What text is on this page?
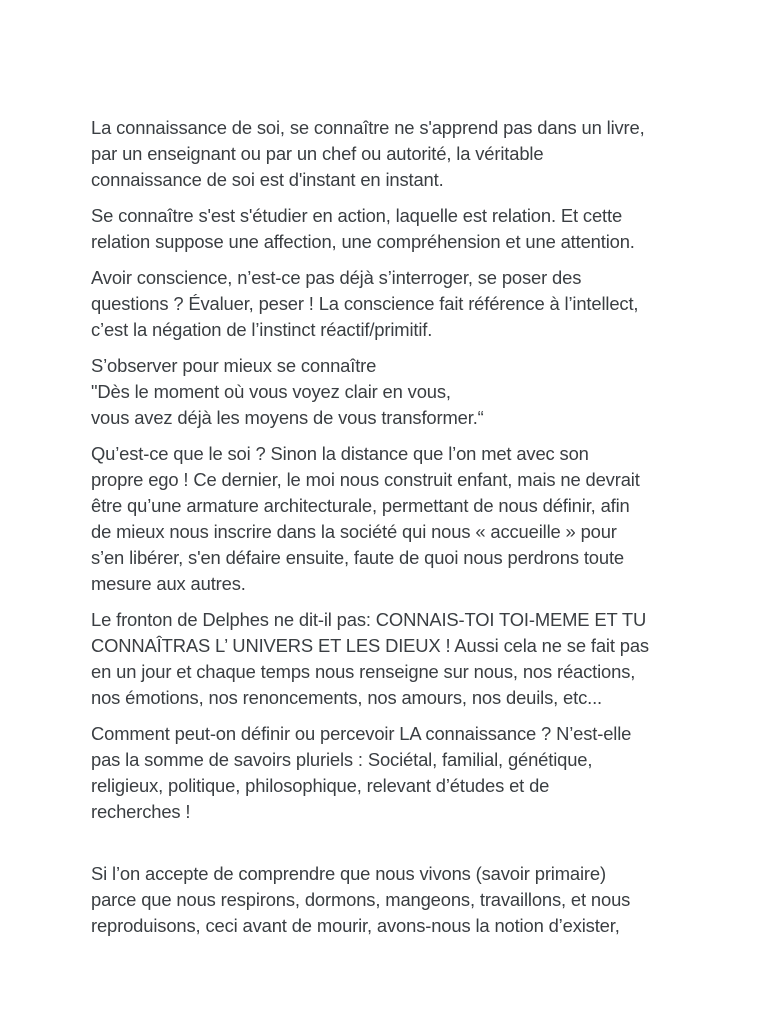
La connaissance de soi, se connaître ne s'apprend pas dans un livre,
par un enseignant ou par un chef ou autorité, la véritable
connaissance de soi est d'instant en instant.
Se connaître s'est s'étudier en action, laquelle est relation. Et cette
relation suppose une affection, une compréhension et une attention.
Avoir conscience, n’est-ce pas déjà s’interroger, se poser des
questions ? Évaluer, peser ! La conscience fait référence à l’intellect,
c’est la négation de l’instinct réactif/primitif.
S’observer pour mieux se connaître
"Dès le moment où vous voyez clair en vous,
vous avez déjà les moyens de vous transformer.“
Qu’est-ce que le soi ? Sinon la distance que l’on met avec son
propre ego ! Ce dernier, le moi nous construit enfant, mais ne devrait
être qu’une armature architecturale, permettant de nous définir, afin
de mieux nous inscrire dans la société qui nous « accueille » pour
s’en libérer, s'en défaire ensuite, faute de quoi nous perdrons toute
mesure aux autres.
Le fronton de Delphes ne dit-il pas: CONNAIS-TOI TOI-MEME ET TU
CONNAÎTRAS L’ UNIVERS ET LES DIEUX ! Aussi cela ne se fait pas
en un jour et chaque temps nous renseigne sur nous, nos réactions,
nos émotions, nos renoncements, nos amours, nos deuils, etc...
Comment peut-on définir ou percevoir LA connaissance ? N’est-elle
pas la somme de savoirs pluriels : Sociétal, familial, génétique,
religieux, politique, philosophique, relevant d’études et de
recherches !
Si l’on accepte de comprendre que nous vivons (savoir primaire)
parce que nous respirons, dormons, mangeons, travaillons, et nous
reproduisons, ceci avant de mourir, avons-nous la notion d’exister,
